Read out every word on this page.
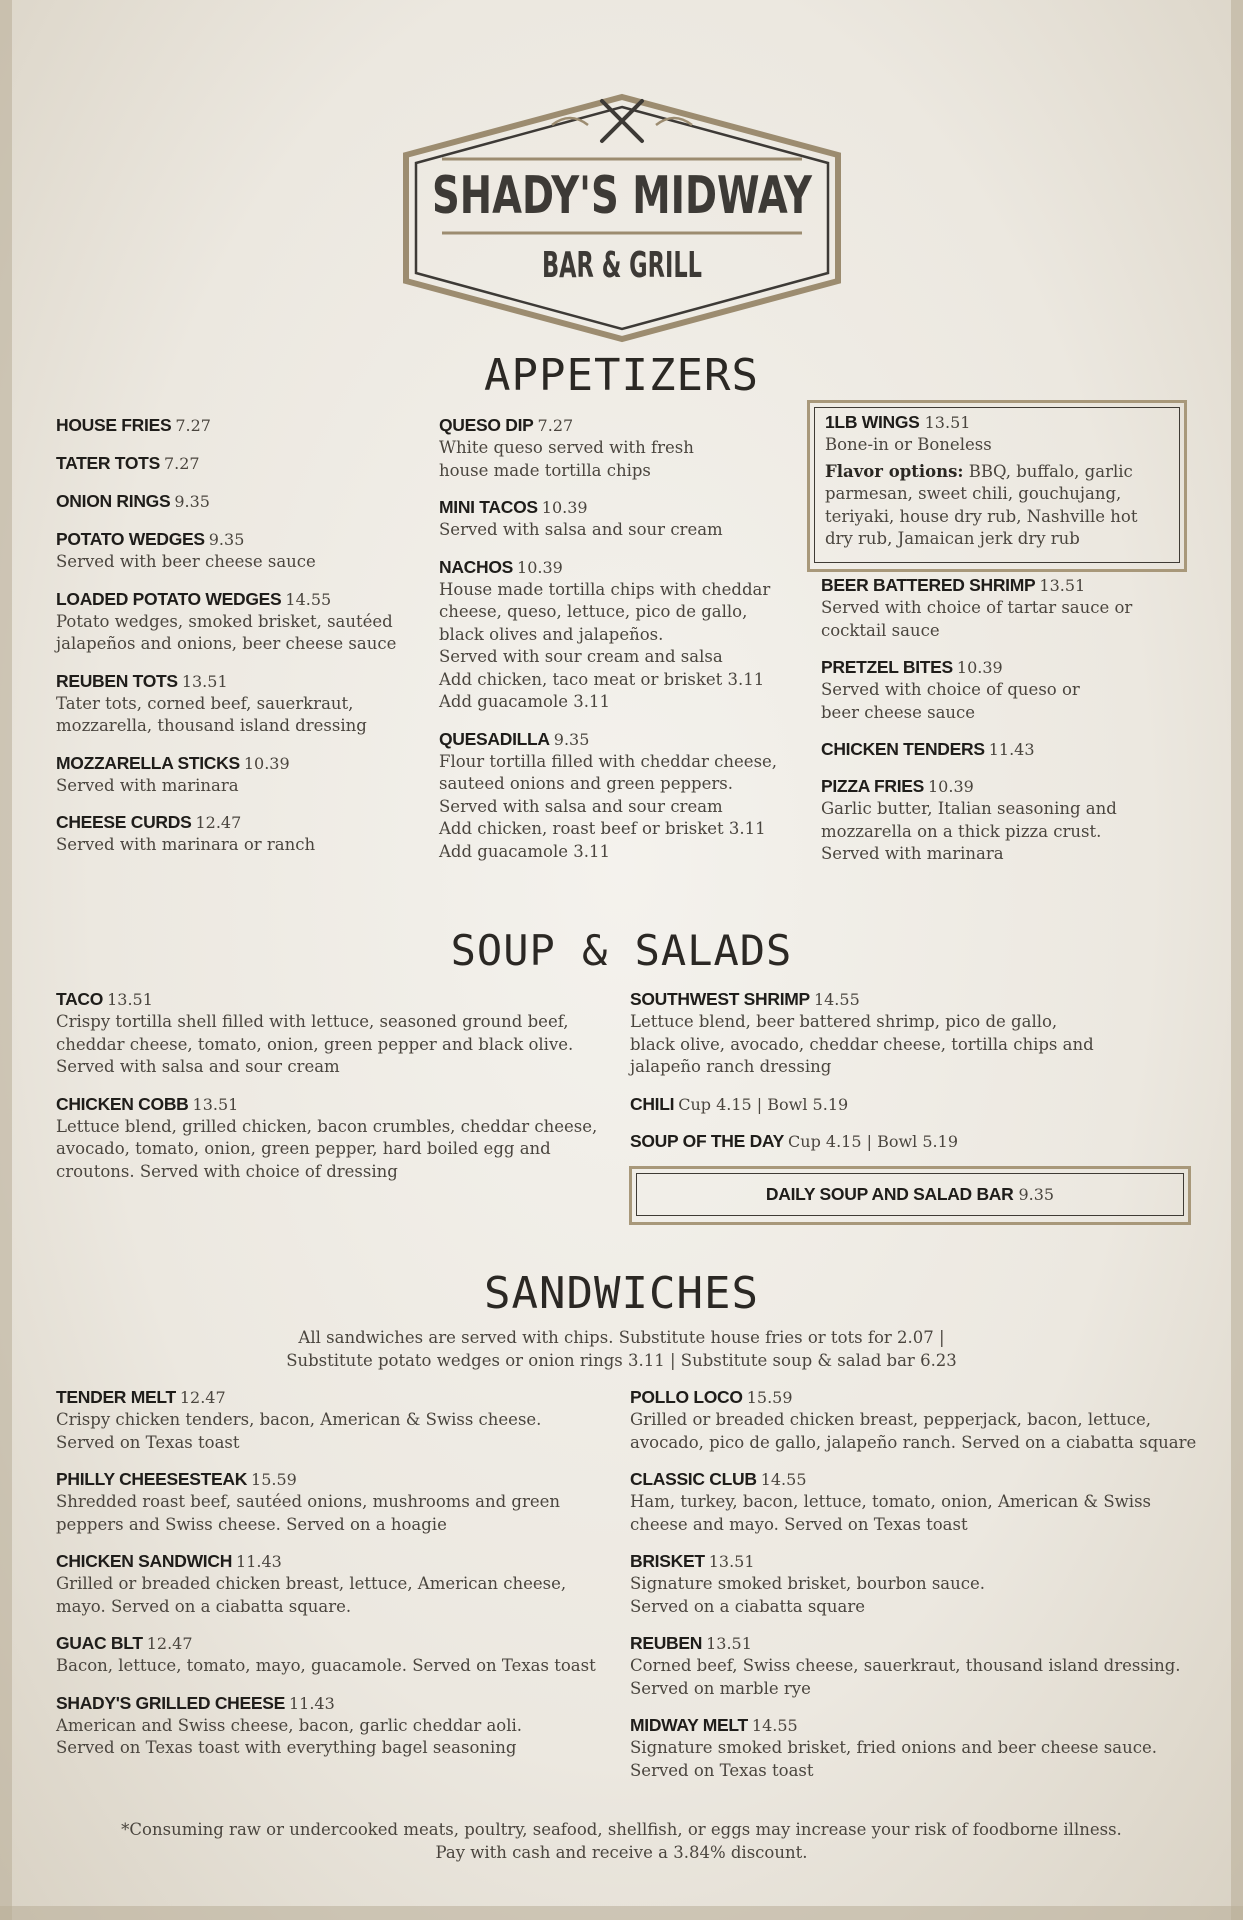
SHADY'S MIDWAY
BAR & GRILL
APPETIZERS
HOUSE FRIES 7.27
TATER TOTS 7.27
ONION RINGS 9.35
POTATO WEDGES 9.35
Served with beer cheese sauce
LOADED POTATO WEDGES 14.55
Potato wedges, smoked brisket, sautéed
jalapeños and onions, beer cheese sauce
REUBEN TOTS 13.51
Tater tots, corned beef, sauerkraut,
mozzarella, thousand island dressing
MOZZARELLA STICKS 10.39
Served with marinara
CHEESE CURDS 12.47
Served with marinara or ranch
QUESO DIP 7.27
White queso served with fresh
house made tortilla chips
MINI TACOS 10.39
Served with salsa and sour cream
NACHOS 10.39
House made tortilla chips with cheddar
cheese, queso, lettuce, pico de gallo,
black olives and jalapeños.
Served with sour cream and salsa
Add chicken, taco meat or brisket 3.11
Add guacamole 3.11
QUESADILLA 9.35
Flour tortilla filled with cheddar cheese,
sauteed onions and green peppers.
Served with salsa and sour cream
Add chicken, roast beef or brisket 3.11
Add guacamole 3.11
1LB WINGS 13.51
Bone-in or Boneless
Flavor options: BBQ, buffalo, garlic
parmesan, sweet chili, gouchujang,
teriyaki, house dry rub, Nashville hot
dry rub, Jamaican jerk dry rub
BEER BATTERED SHRIMP 13.51
Served with choice of tartar sauce or
cocktail sauce
PRETZEL BITES 10.39
Served with choice of queso or
beer cheese sauce
CHICKEN TENDERS 11.43
PIZZA FRIES 10.39
Garlic butter, Italian seasoning and
mozzarella on a thick pizza crust.
Served with marinara
SOUP & SALADS
TACO 13.51
Crispy tortilla shell filled with lettuce, seasoned ground beef,
cheddar cheese, tomato, onion, green pepper and black olive.
Served with salsa and sour cream
CHICKEN COBB 13.51
Lettuce blend, grilled chicken, bacon crumbles, cheddar cheese,
avocado, tomato, onion, green pepper, hard boiled egg and
croutons. Served with choice of dressing
SOUTHWEST SHRIMP 14.55
Lettuce blend, beer battered shrimp, pico de gallo,
black olive, avocado, cheddar cheese, tortilla chips and
jalapeño ranch dressing
CHILI Cup 4.15 | Bowl 5.19
SOUP OF THE DAY Cup 4.15 | Bowl 5.19
DAILY SOUP AND SALAD BAR 9.35
SANDWICHES
All sandwiches are served with chips. Substitute house fries or tots for 2.07 |
Substitute potato wedges or onion rings 3.11 | Substitute soup & salad bar 6.23
TENDER MELT 12.47
Crispy chicken tenders, bacon, American & Swiss cheese.
Served on Texas toast
PHILLY CHEESESTEAK 15.59
Shredded roast beef, sautéed onions, mushrooms and green
peppers and Swiss cheese. Served on a hoagie
CHICKEN SANDWICH 11.43
Grilled or breaded chicken breast, lettuce, American cheese,
mayo. Served on a ciabatta square.
GUAC BLT 12.47
Bacon, lettuce, tomato, mayo, guacamole. Served on Texas toast
SHADY'S GRILLED CHEESE 11.43
American and Swiss cheese, bacon, garlic cheddar aoli.
Served on Texas toast with everything bagel seasoning
POLLO LOCO 15.59
Grilled or breaded chicken breast, pepperjack, bacon, lettuce,
avocado, pico de gallo, jalapeño ranch. Served on a ciabatta square
CLASSIC CLUB 14.55
Ham, turkey, bacon, lettuce, tomato, onion, American & Swiss
cheese and mayo. Served on Texas toast
BRISKET 13.51
Signature smoked brisket, bourbon sauce.
Served on a ciabatta square
REUBEN 13.51
Corned beef, Swiss cheese, sauerkraut, thousand island dressing.
Served on marble rye
MIDWAY MELT 14.55
Signature smoked brisket, fried onions and beer cheese sauce.
Served on Texas toast
*Consuming raw or undercooked meats, poultry, seafood, shellfish, or eggs may increase your risk of foodborne illness.
Pay with cash and receive a 3.84% discount.
